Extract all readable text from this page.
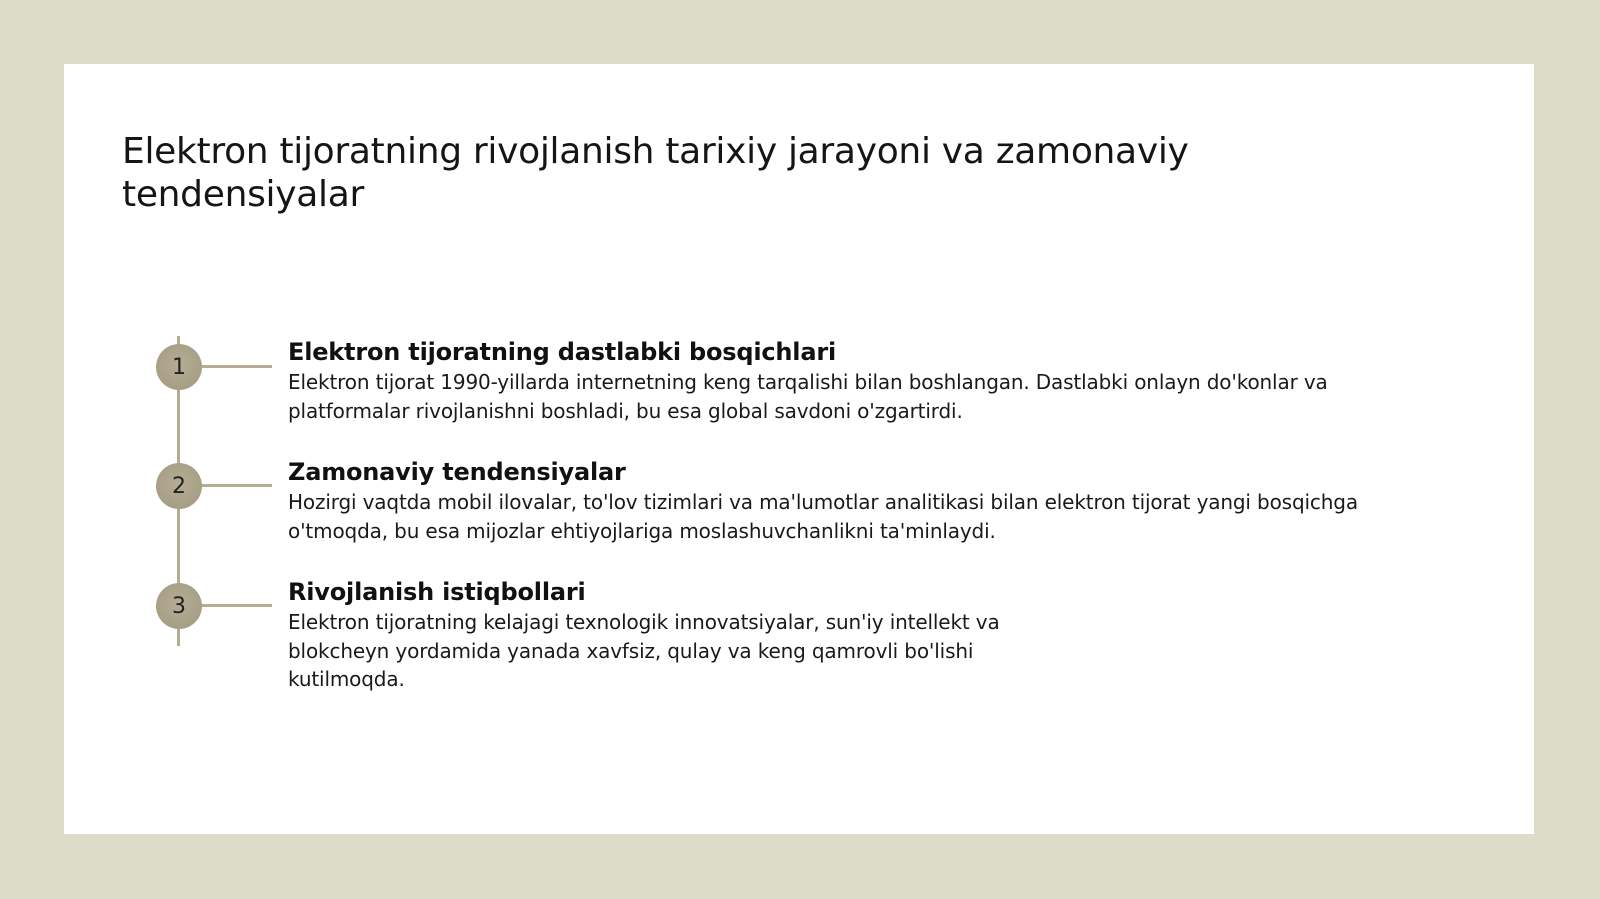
Elektron tijoratning rivojlanish tarixiy jarayoni va zamonaviy tendensiyalar
1
Elektron tijoratning dastlabki bosqichlari

Elektron tijorat 1990-yillarda internetning keng tarqalishi bilan boshlangan. Dastlabki onlayn do'konlar va platformalar rivojlanishni boshladi, bu esa global savdoni o'zgartirdi.

2	Zamonaviy tendensiyalar

Hozirgi vaqtda mobil ilovalar, to'lov tizimlari va ma'lumotlar analitikasi bilan elektron tijorat yangi bosqichga o'tmoqda, bu esa mijozlar ehtiyojlariga moslashuvchanlikni ta'minlaydi.

3	Rivojlanish istiqbollari

Elektron tijoratning kelajagi texnologik innovatsiyalar, sun'iy intellekt va blokcheyn yordamida yanada xavfsiz, qulay va keng qamrovli bo'lishi kutilmoqda.
